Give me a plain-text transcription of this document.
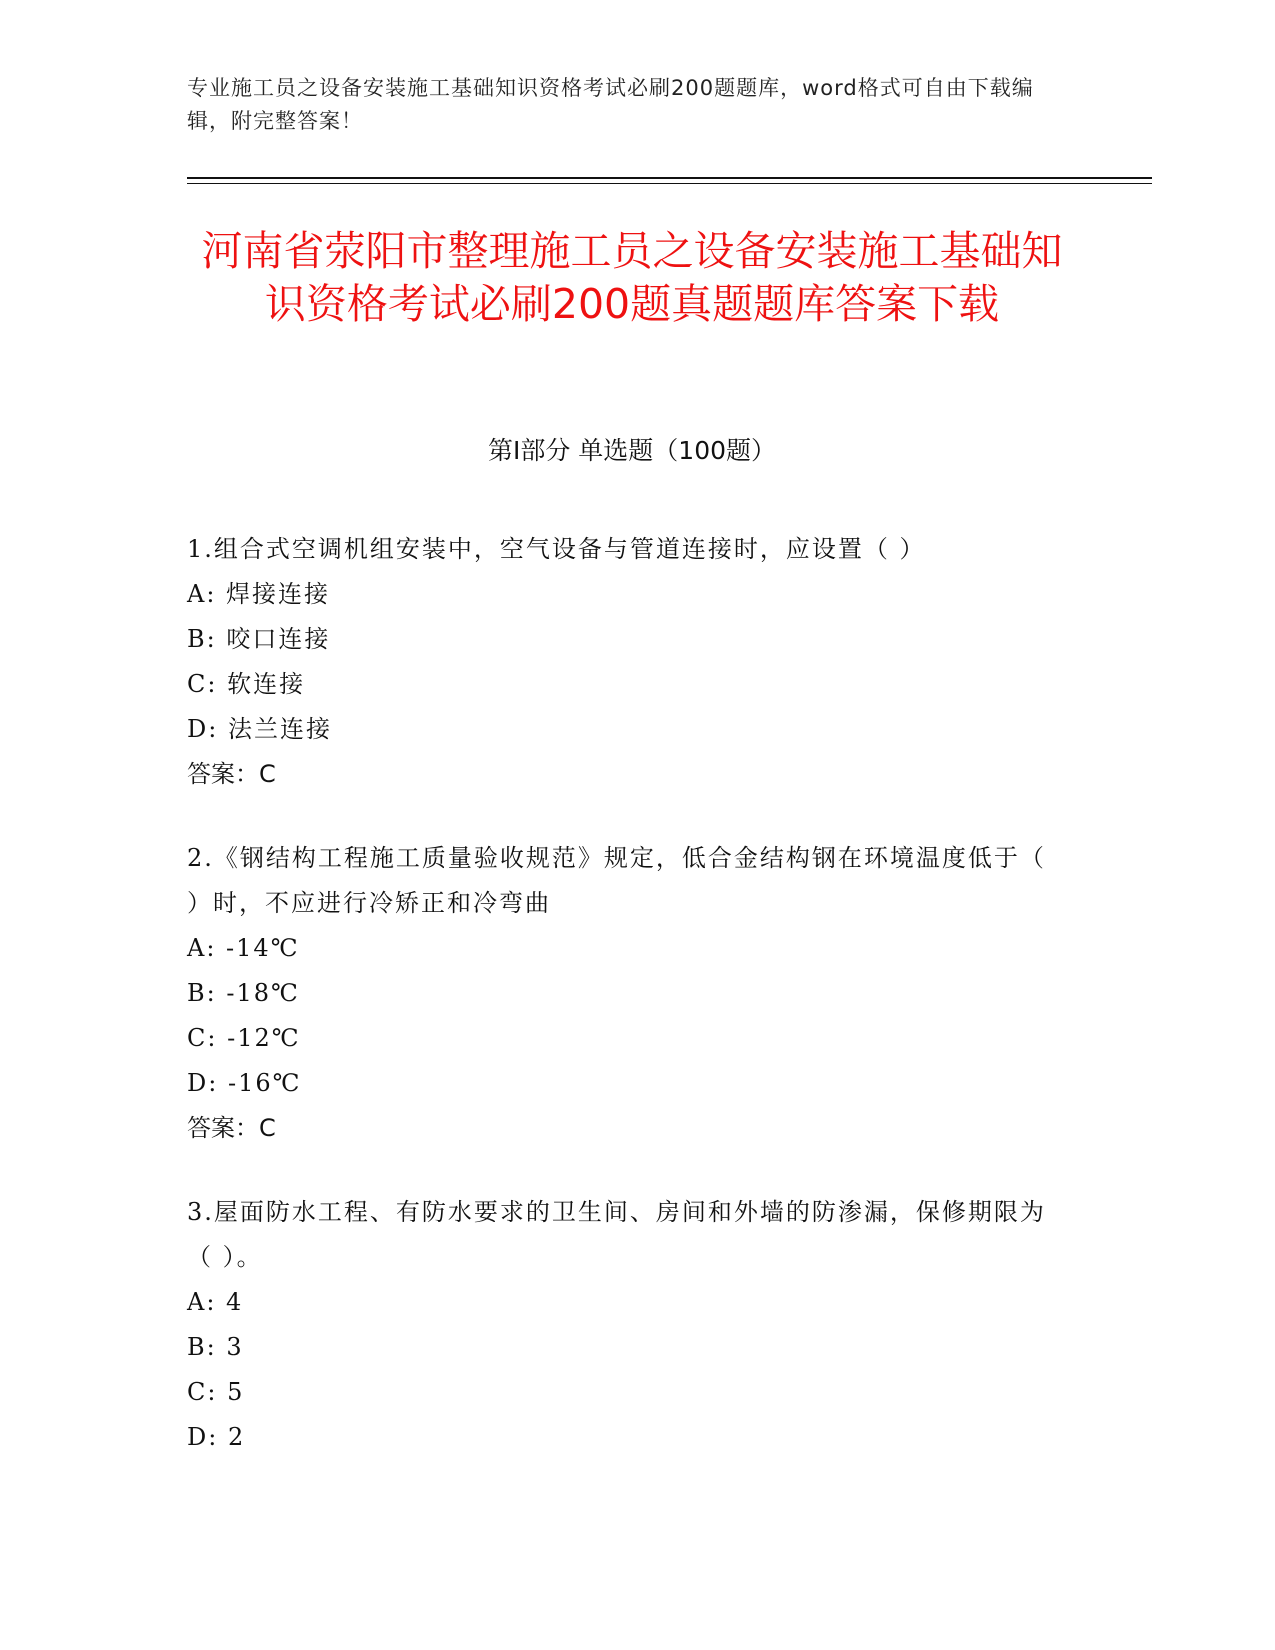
专业施工员之设备安装施工基础知识资格考试必刷200题题库，word格式可自由下载编辑，附完整答案！
河南省荥阳市整理施工员之设备安装施工基础知识资格考试必刷200题真题题库答案下载
第I部分 单选题（100题）

1.组合式空调机组安装中，空气设备与管道连接时，应设置（ ）

A: 焊接连接

B: 咬口连接

C: 软连接

D: 法兰连接

答案：C

2.《钢结构工程施工质量验收规范》规定，低合金结构钢在环境温度低于（ ）时，不应进行冷矫正和冷弯曲

A: -14℃

B: -18℃

C: -12℃

D: -16℃

答案：C

3.屋面防水工程、有防水要求的卫生间、房间和外墙的防渗漏，保修期限为（ ）。

A: 4

B: 3

C: 5

D: 2
